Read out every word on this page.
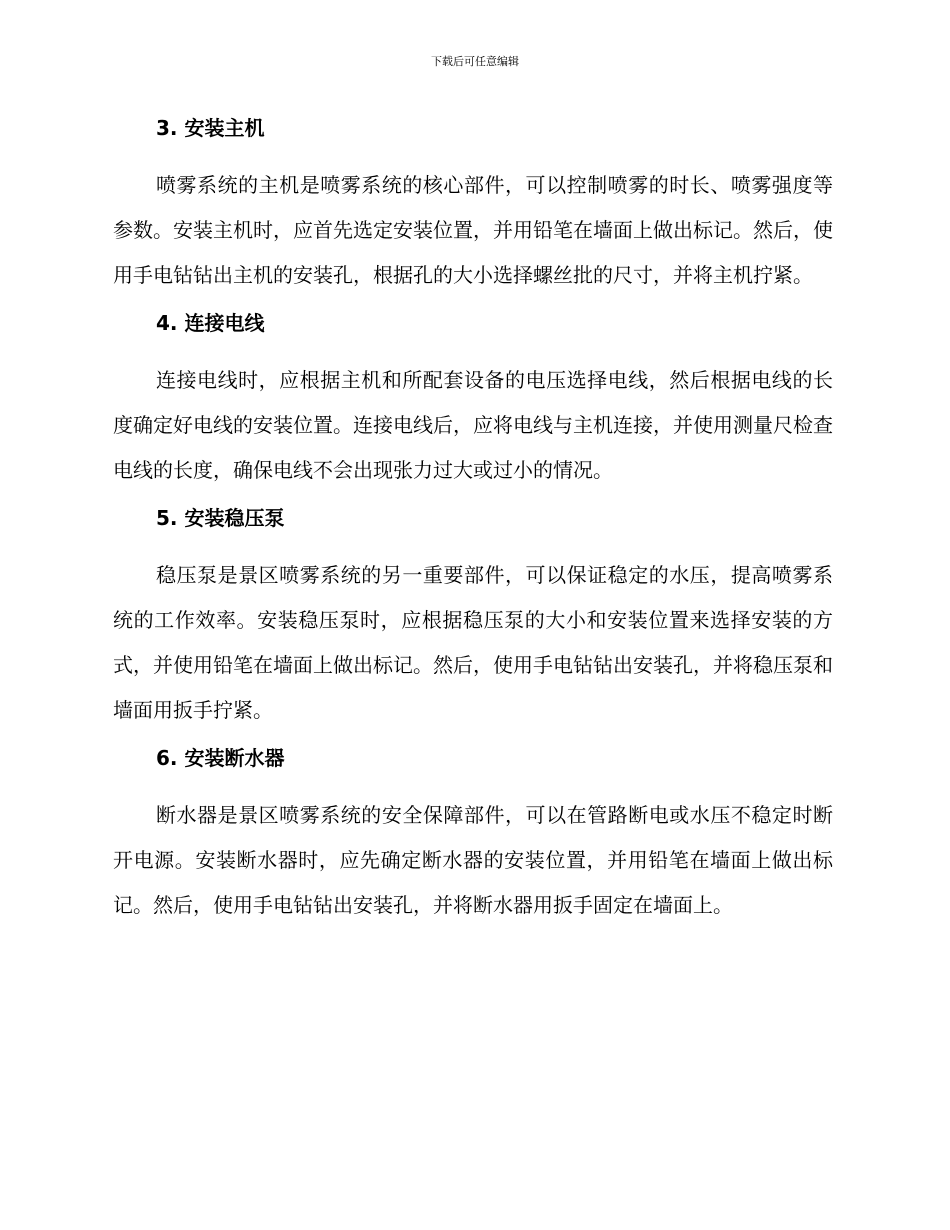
下载后可任意编辑
3. 安装主机

喷雾系统的主机是喷雾系统的核心部件，可以控制喷雾的时长、喷雾强度等参数。安装主机时，应首先选定安装位置，并用铅笔在墙面上做出标记。然后，使用手电钻钻出主机的安装孔，根据孔的大小选择螺丝批的尺寸，并将主机拧紧。

4. 连接电线

连接电线时，应根据主机和所配套设备的电压选择电线，然后根据电线的长度确定好电线的安装位置。连接电线后，应将电线与主机连接，并使用测量尺检查电线的长度，确保电线不会出现张力过大或过小的情况。

5. 安装稳压泵

稳压泵是景区喷雾系统的另一重要部件，可以保证稳定的水压，提高喷雾系统的工作效率。安装稳压泵时，应根据稳压泵的大小和安装位置来选择安装的方式，并使用铅笔在墙面上做出标记。然后，使用手电钻钻出安装孔，并将稳压泵和墙面用扳手拧紧。

6. 安装断水器

断水器是景区喷雾系统的安全保障部件，可以在管路断电或水压不稳定时断开电源。安装断水器时，应先确定断水器的安装位置，并用铅笔在墙面上做出标记。然后，使用手电钻钻出安装孔，并将断水器用扳手固定在墙面上。
